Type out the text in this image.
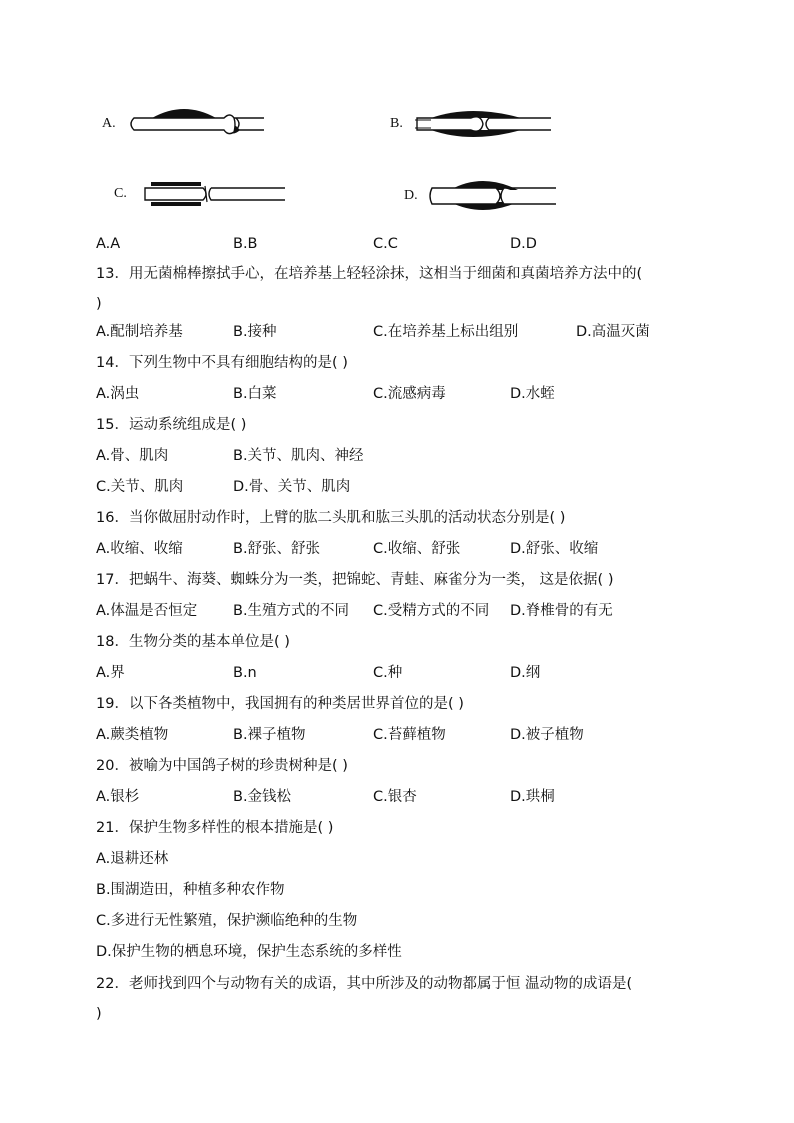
A.	B.
C.	D.
A.A	B.B	C.C	D.D
13．用无菌棉棒擦拭手心，在培养基上轻轻涂抹，这相当于细菌和真菌培养方法中的(
)
A.配制培养基	B.接种	C.在培养基上标出组别	D.高温灭菌
14．下列生物中不具有细胞结构的是( )
A.涡虫	B.白菜	C.流感病毒	D.水蛭
15．运动系统组成是( )
A.骨、肌肉	B.关节、肌肉、神经
C.关节、肌肉	D.骨、关节、肌肉
16．当你做屈肘动作时，上臂的肱二头肌和肱三头肌的活动状态分别是( )
A.收缩、收缩	B.舒张、舒张	C.收缩、舒张	D.舒张、收缩
17．把蜗牛、海葵、蜘蛛分为一类，把锦蛇、青蛙、麻雀分为一类， 这是依据( )
A.体温是否恒定 B.生殖方式的不同 C.受精方式的不同 D.脊椎骨的有无
18．生物分类的基本单位是( )
A.界	B.n	C.种	D.纲
19．以下各类植物中，我国拥有的种类居世界首位的是( )
A.蕨类植物	B.裸子植物	C.苔藓植物	D.被子植物
20．被喻为中国鸽子树的珍贵树种是( )
A.银杉	B.金钱松	C.银杏	D.珙桐
21．保护生物多样性的根本措施是( )
A.退耕还林
B.围湖造田，种植多种农作物
C.多进行无性繁殖，保护濒临绝种的生物
D.保护生物的栖息环境，保护生态系统的多样性
22．老师找到四个与动物有关的成语，其中所涉及的动物都属于恒 温动物的成语是(
)
